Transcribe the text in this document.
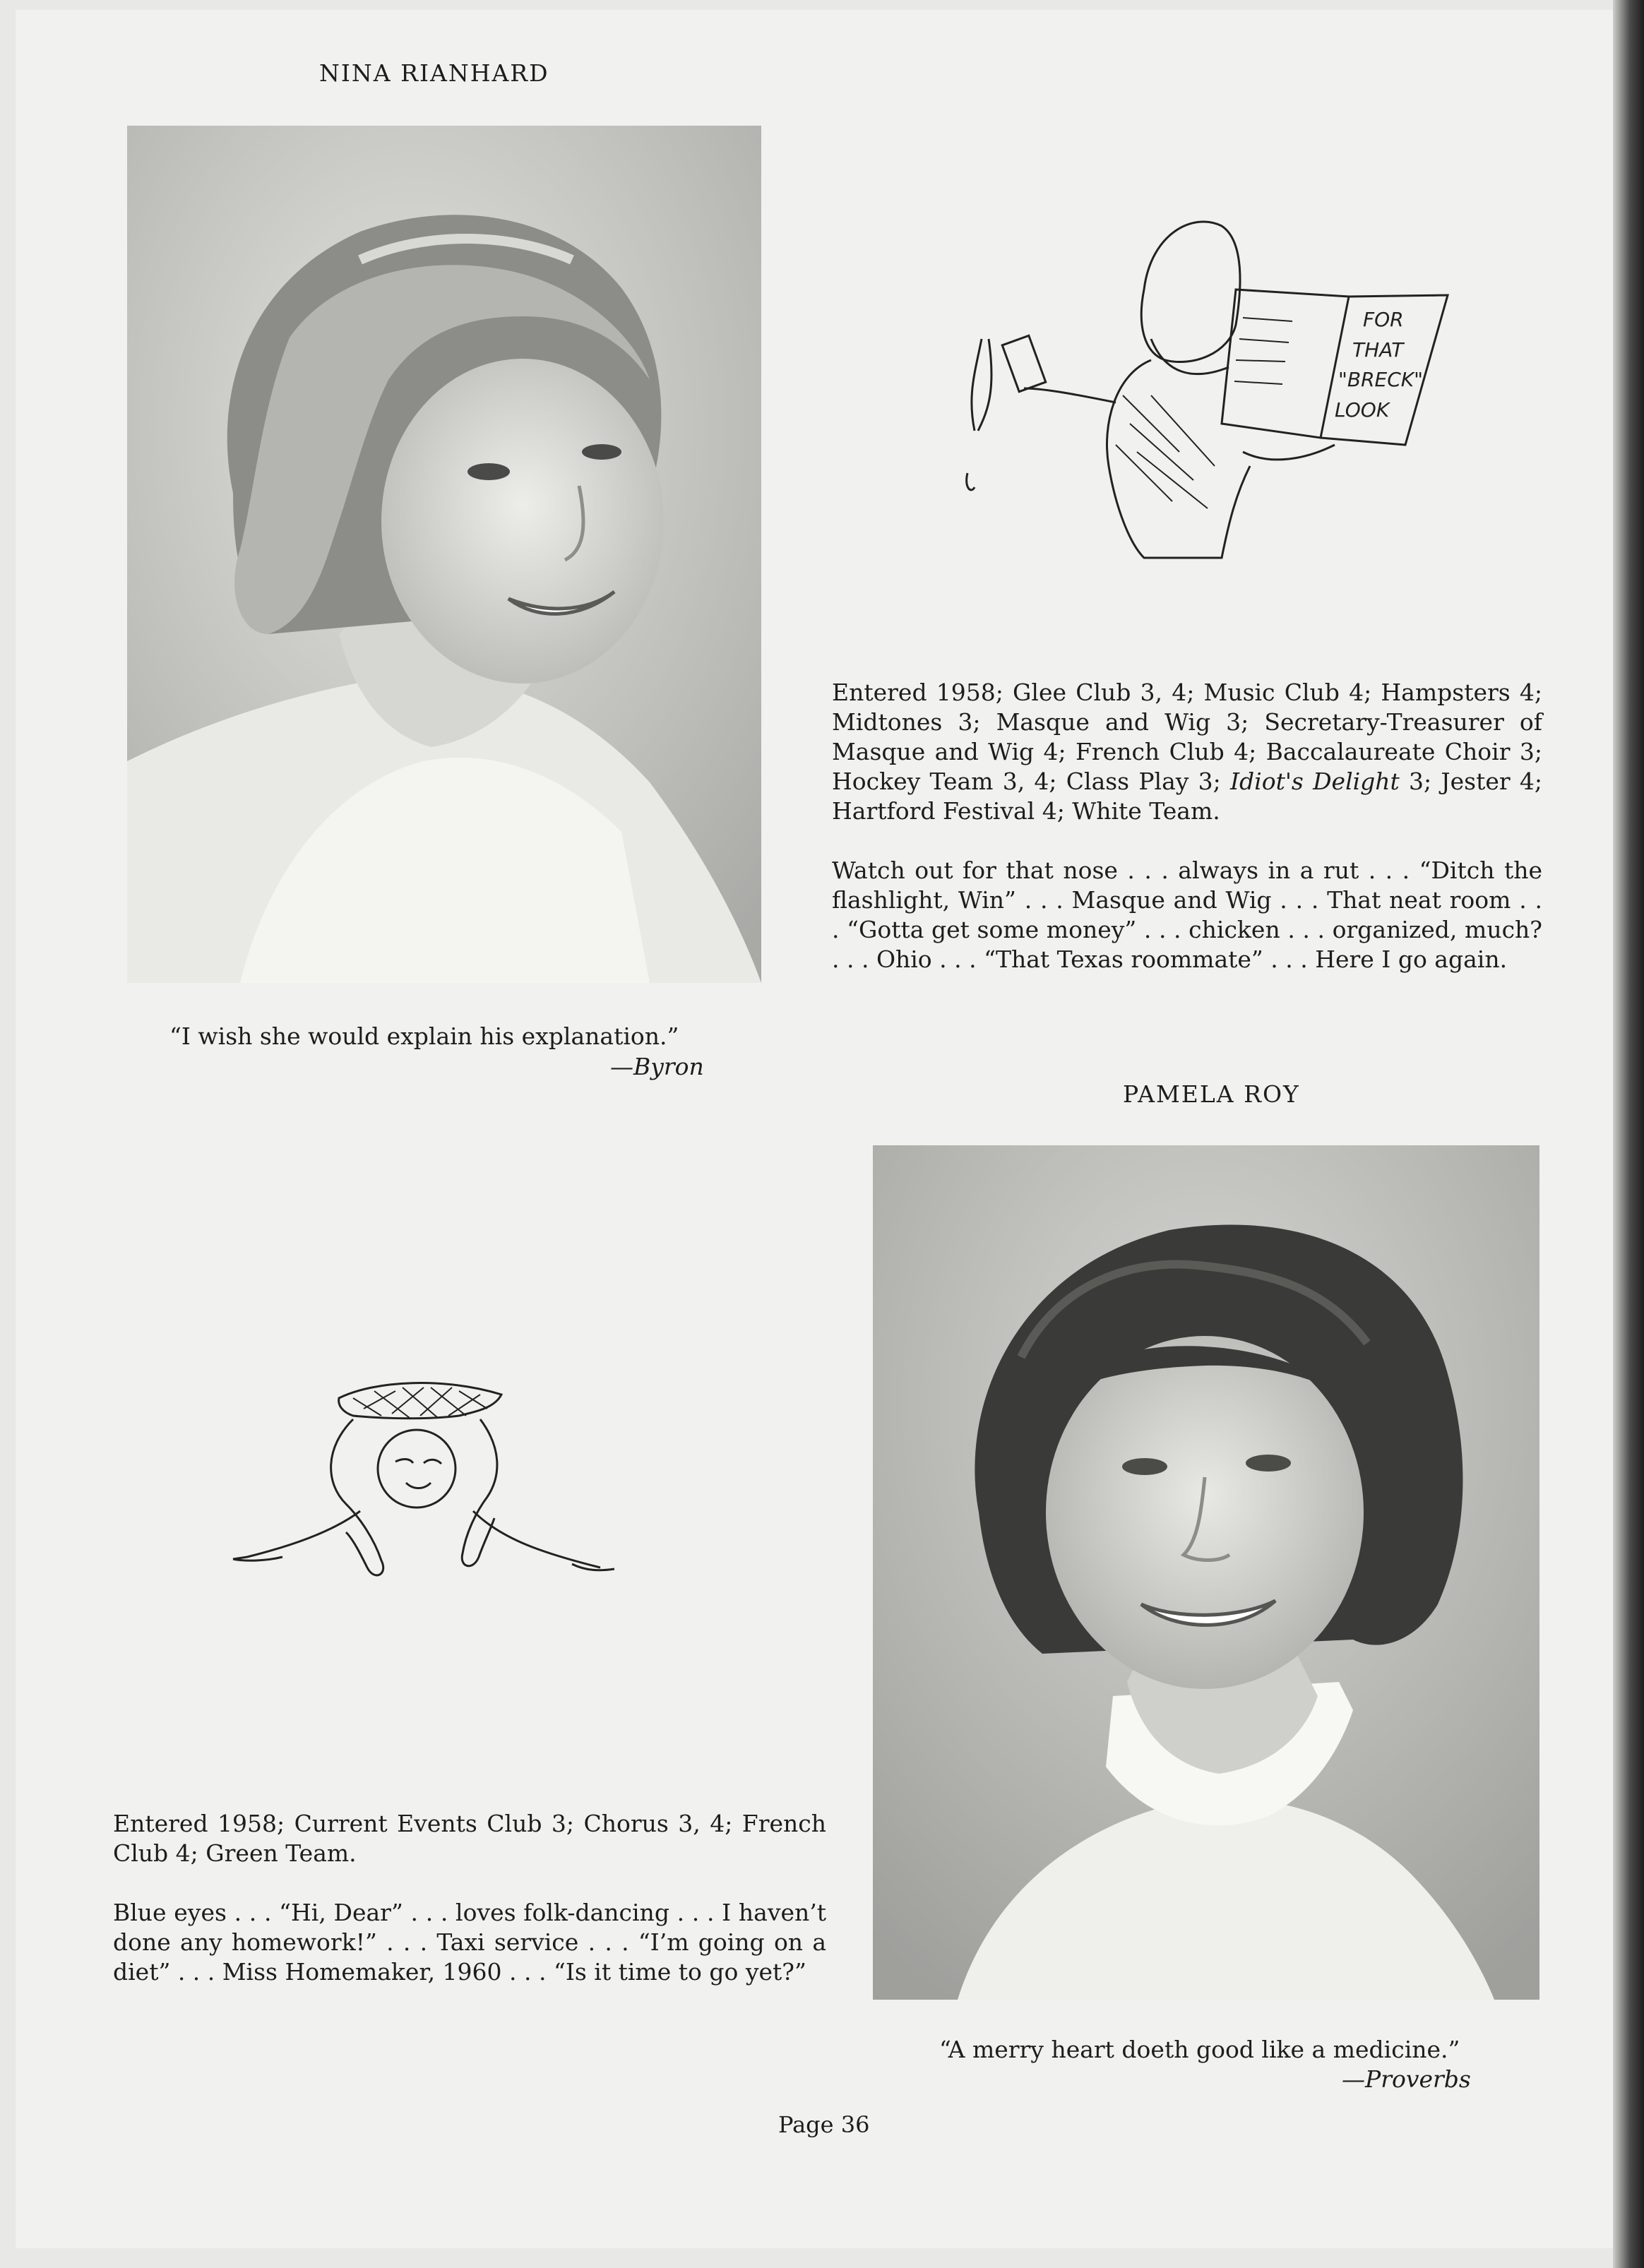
NINA RIANHARD
FOR
THAT
"BRECK"
LOOK

Entered 1958; Glee Club 3, 4; Music Club 4; Hampsters 4; Midtones 3; Masque and Wig 3; Secretary-Treasurer of Masque and Wig 4; French Club 4; Baccalaureate Choir 3; Hockey Team 3, 4; Class Play 3; Idiot's Delight 3; Jester 4; Hartford Festival 4; White Team.

Watch out for that nose . . . always in a rut . . . “Ditch the flashlight, Win” . . . Masque and Wig . . . That neat room . . . “Gotta get some money” . . . chicken . . . organized, much? . . . Ohio . . . “That Texas roommate” . . . Here I go again.

“I wish she would explain his explanation.”
—Byron
PAMELA ROY

Entered 1958; Current Events Club 3; Chorus 3, 4; French Club 4; Green Team.

Blue eyes . . . “Hi, Dear” . . . loves folk-dancing . . . I haven’t done any homework!” . . . Taxi service . . . “I’m going on a diet” . . . Miss Homemaker, 1960 . . . “Is it time to go yet?”

“A merry heart doeth good like a medicine.”
—Proverbs
Page 36
